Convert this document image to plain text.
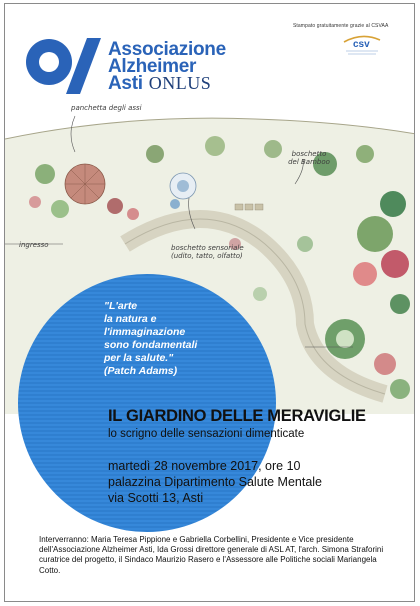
Stampato gratuitamente grazie al CSVAA
csv
Associazione
Alzheimer
Asti ONLUS
panchetta degli assi
boschetto del Bamboo
boschetto sensoriale (udito, tatto, olfatto)
ingresso
"L'arte
la natura e
l'immaginazione
sono fondamentali
per la salute."
(Patch Adams)
IL GIARDINO DELLE MERAVIGLIE
lo scrigno delle sensazioni dimenticate
martedì 28 novembre 2017, ore 10
palazzina Dipartimento Salute Mentale
via Scotti 13, Asti
Interverranno: Maria Teresa Pippione e Gabriella Corbellini, Presidente e Vice presidente dell'Associazione Alzheimer Asti, Ida Grossi direttore generale di ASL AT, l'arch. Simona Straforini curatrice del progetto, il Sindaco Maurizio Rasero e l'Assessore alle Politiche sociali Mariangela Cotto.
